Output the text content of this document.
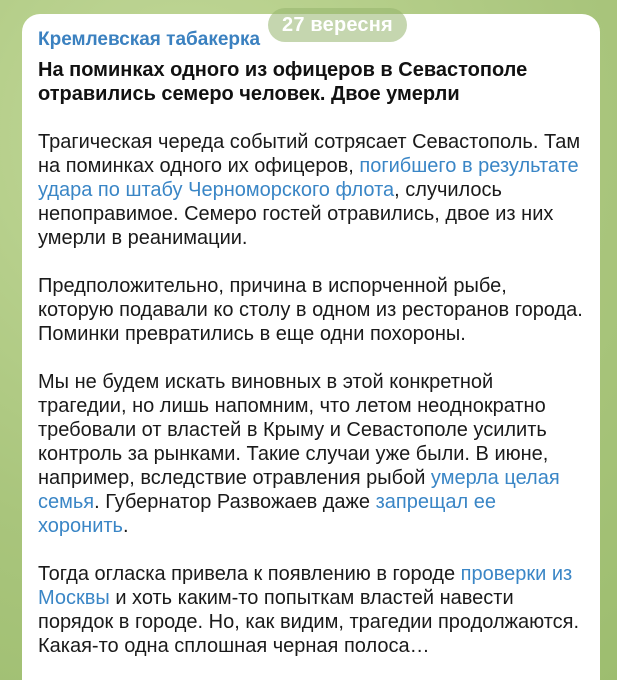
Кремлевская табакерка
На поминках одного из офицеров в Севастополе отравились семеро человек. Двое умерли

Трагическая череда событий сотрясает Севастополь. Там на поминках одного их офицеров, погибшего в результате удара по штабу Черноморского флота, случилось непоправимое. Семеро гостей отравились, двое из них умерли в реанимации.

Предположительно, причина в испорченной рыбе, которую подавали ко столу в одном из ресторанов города. Поминки превратились в еще одни похороны.

Мы не будем искать виновных в этой конкретной трагедии, но лишь напомним, что летом неоднократно требовали от властей в Крыму и Севастополе усилить контроль за рынками. Такие случаи уже были. В июне, например, вследствие отравления рыбой умерла целая семья. Губернатор Развожаев даже запрещал ее хоронить.

Тогда огласка привела к появлению в городе проверки из Москвы и хоть каким-то попыткам властей навести порядок в городе. Но, как видим, трагедии продолжаются. Какая-то одна сплошная черная полоса…

27 вересня
